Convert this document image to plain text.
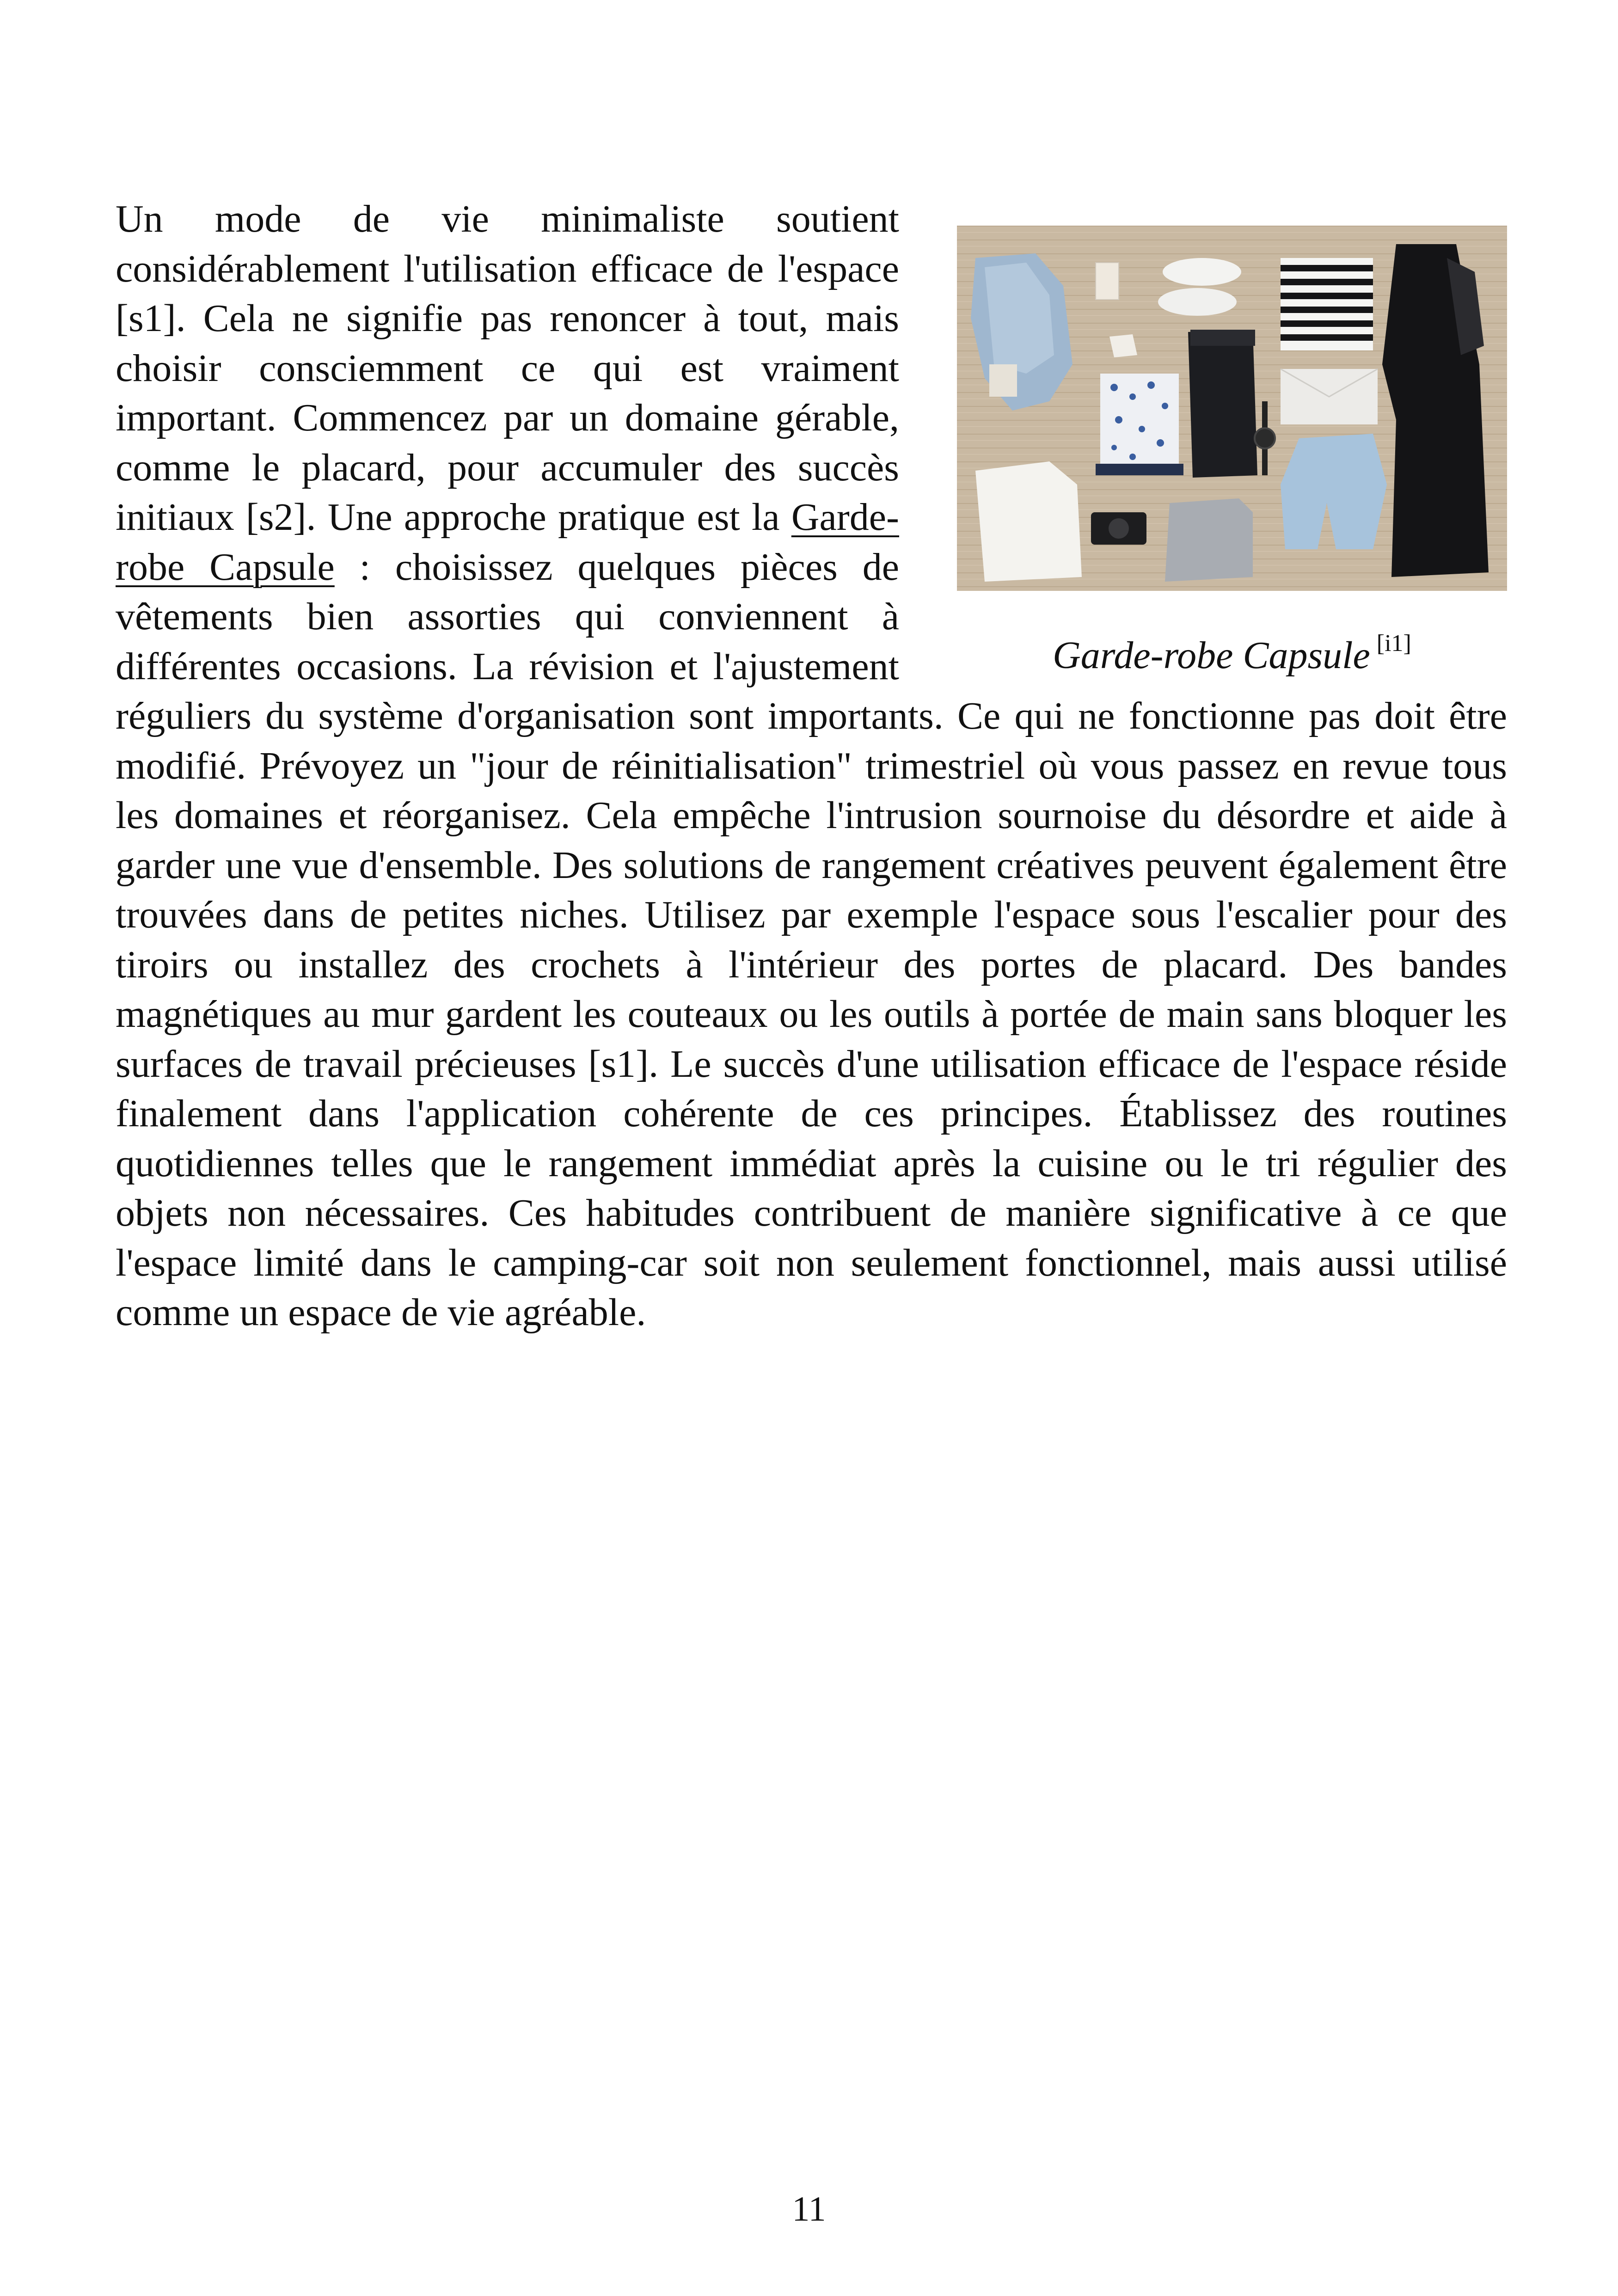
Garde-robe Capsule [i1]

Un mode de vie minimaliste soutient considérablement l'utilisation efficace de l'espace [s1]. Cela ne signifie pas renoncer à tout, mais choisir consciemment ce qui est vraiment important. Commencez par un domaine gérable, comme le placard, pour accumuler des succès initiaux [s2]. Une approche pratique est la Garde-robe Capsule : choisissez quelques pièces de vêtements bien assorties qui conviennent à différentes occasions. La révision et l'ajustement réguliers du système d'organisation sont importants. Ce qui ne fonctionne pas doit être modifié. Prévoyez un "jour de réinitialisation" trimestriel où vous passez en revue tous les domaines et réorganisez. Cela empêche l'intrusion sournoise du désordre et aide à garder une vue d'ensemble. Des solutions de rangement créatives peuvent également être trouvées dans de petites niches. Utilisez par exemple l'espace sous l'escalier pour des tiroirs ou installez des crochets à l'intérieur des portes de placard. Des bandes magnétiques au mur gardent les couteaux ou les outils à portée de main sans bloquer les surfaces de travail précieuses [s1]. Le succès d'une utilisation efficace de l'espace réside finalement dans l'application cohérente de ces principes. Établissez des routines quotidiennes telles que le rangement immédiat après la cuisine ou le tri régulier des objets non nécessaires. Ces habitudes contribuent de manière significative à ce que l'espace limité dans le camping-car soit non seulement fonctionnel, mais aussi utilisé comme un espace de vie agréable.

11
